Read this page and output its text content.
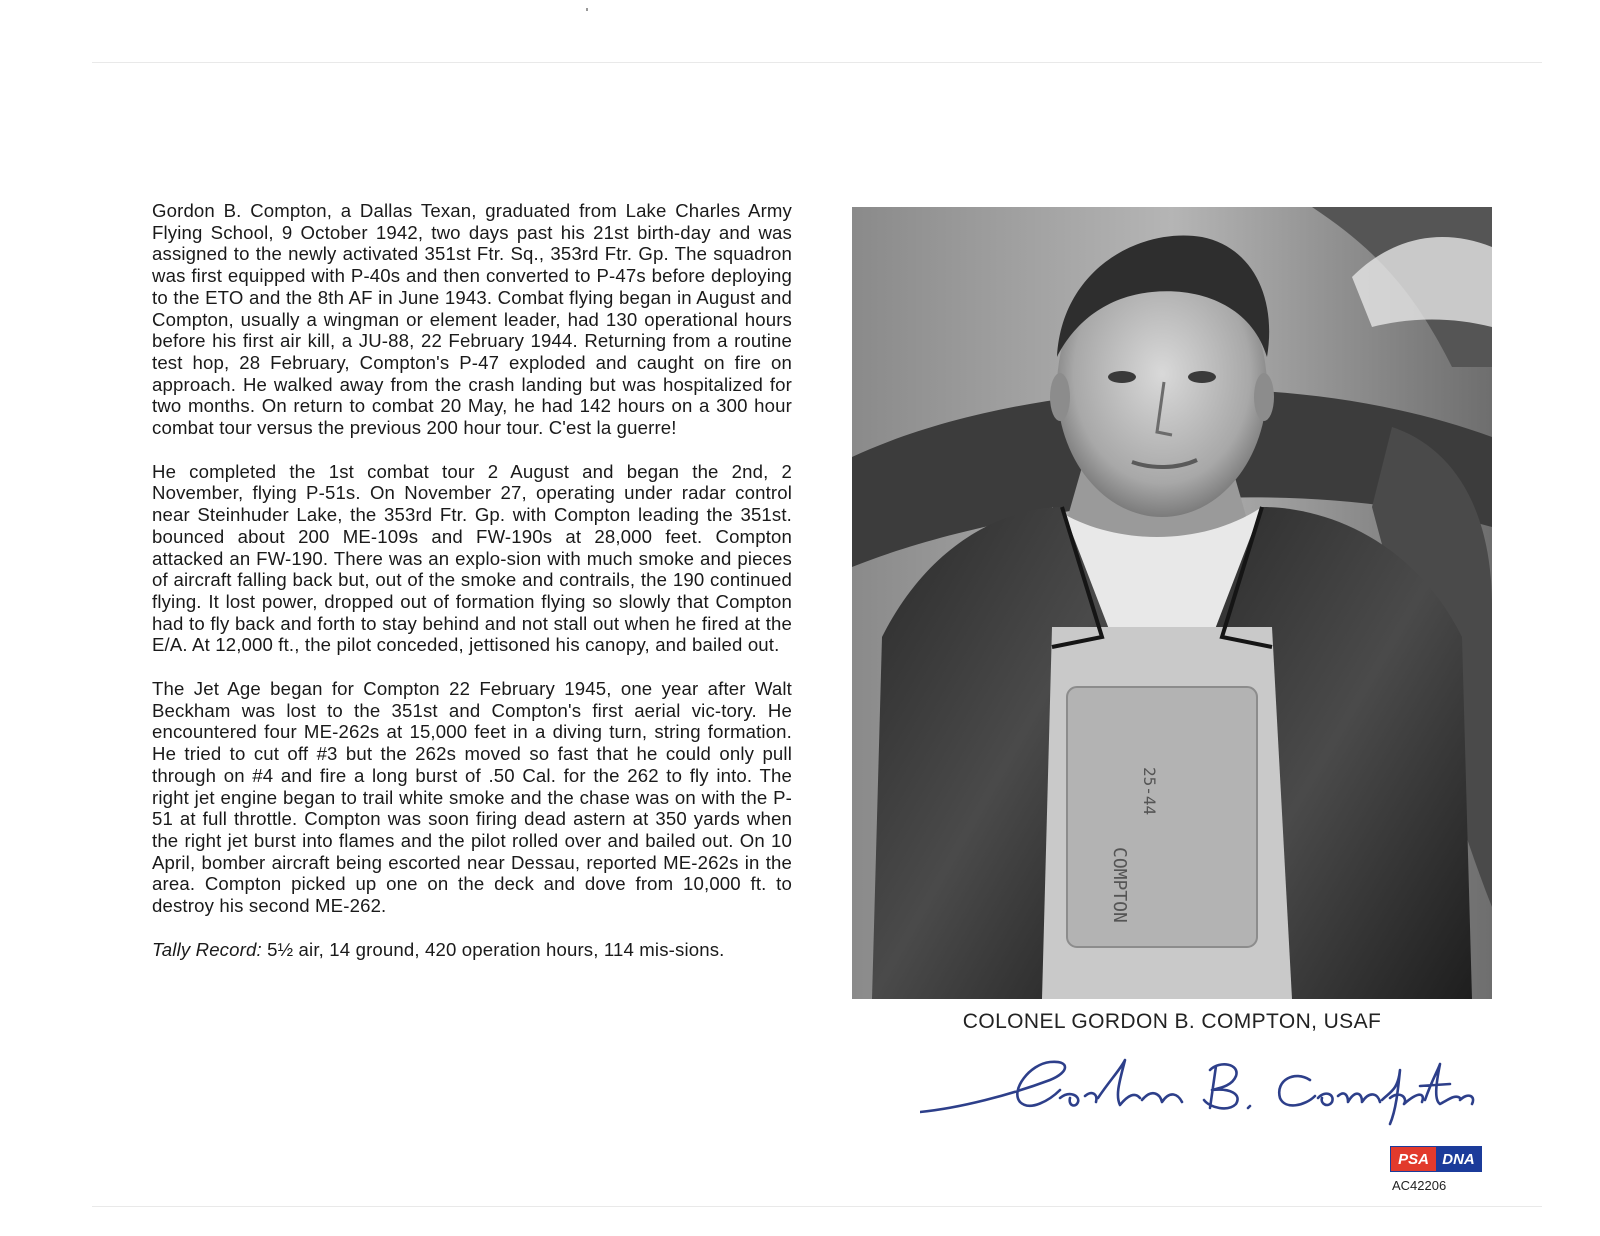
Gordon B. Compton, a Dallas Texan, graduated from Lake Charles Army Flying School, 9 October 1942, two days past his 21st birth-day and was assigned to the newly activated 351st Ftr. Sq., 353rd Ftr. Gp. The squadron was first equipped with P-40s and then converted to P-47s before deploying to the ETO and the 8th AF in June 1943. Combat flying began in August and Compton, usually a wingman or element leader, had 130 operational hours before his first air kill, a JU-88, 22 February 1944. Returning from a routine test hop, 28 February, Compton's P-47 exploded and caught on fire on approach. He walked away from the crash landing but was hospitalized for two months. On return to combat 20 May, he had 142 hours on a 300 hour combat tour versus the previous 200 hour tour. C'est la guerre!

He completed the 1st combat tour 2 August and began the 2nd, 2 November, flying P-51s. On November 27, operating under radar control near Steinhuder Lake, the 353rd Ftr. Gp. with Compton leading the 351st. bounced about 200 ME-109s and FW-190s at 28,000 feet. Compton attacked an FW-190. There was an explo-sion with much smoke and pieces of aircraft falling back but, out of the smoke and contrails, the 190 continued flying. It lost power, dropped out of formation flying so slowly that Compton had to fly back and forth to stay behind and not stall out when he fired at the E/A. At 12,000 ft., the pilot conceded, jettisoned his canopy, and bailed out.

The Jet Age began for Compton 22 February 1945, one year after Walt Beckham was lost to the 351st and Compton's first aerial vic-tory. He encountered four ME-262s at 15,000 feet in a diving turn, string formation. He tried to cut off #3 but the 262s moved so fast that he could only pull through on #4 and fire a long burst of .50 Cal. for the 262 to fly into. The right jet engine began to trail white smoke and the chase was on with the P-51 at full throttle. Compton was soon firing dead astern at 350 yards when the right jet burst into flames and the pilot rolled over and bailed out. On 10 April, bomber aircraft being escorted near Dessau, reported ME-262s in the area. Compton picked up one on the deck and dove from 10,000 ft. to destroy his second ME-262.

Tally Record: 5½ air, 14 ground, 420 operation hours, 114 mis-sions.

COMPTON
25-44
COLONEL GORDON B. COMPTON, USAF
PSA DNA
AC42206
